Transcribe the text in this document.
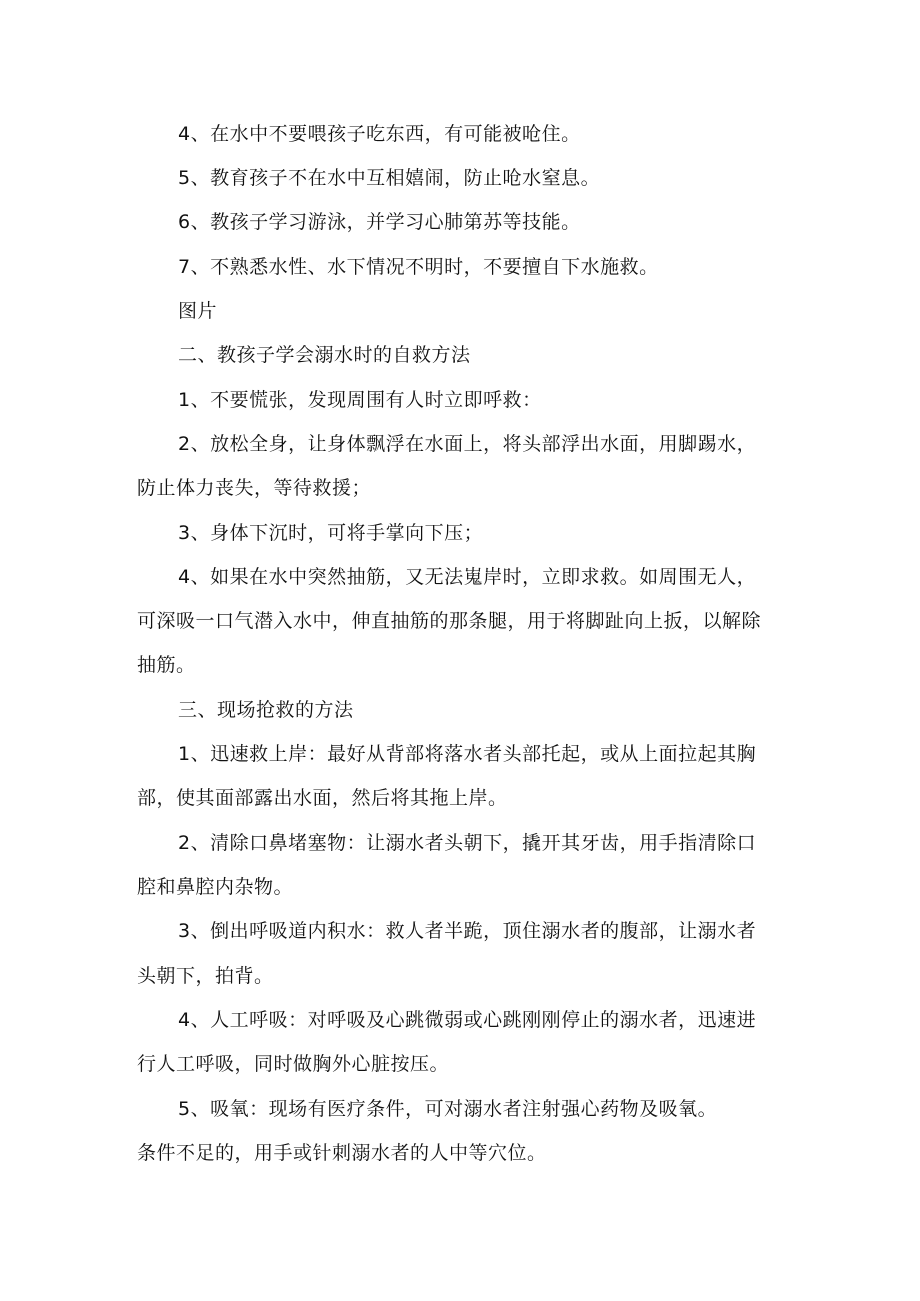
4、在水中不要喂孩子吃东西，有可能被呛住。
5、教育孩子不在水中互相嬉闹，防止呛水窒息。
6、教孩子学习游泳，并学习心肺第苏等技能。
7、不熟悉水性、水下情况不明时，不要擅自下水施救。
图片
二、教孩子学会溺水时的自救方法
1、不要慌张，发现周围有人时立即呼救：
2、放松全身，让身体飘浮在水面上，将头部浮出水面，用脚踢水，
防止体力丧失，等待救援；
3、身体下沉时，可将手掌向下压；
4、如果在水中突然抽筋，又无法嵬岸时，立即求救。如周围无人，
可深吸一口气潜入水中，伸直抽筋的那条腿，用于将脚趾向上扳，以解除
抽筋。
三、现场抢救的方法
1、迅速救上岸：最好从背部将落水者头部托起，或从上面拉起其胸
部，使其面部露出水面，然后将其拖上岸。
2、清除口鼻堵塞物：让溺水者头朝下，撬开其牙齿，用手指清除口
腔和鼻腔内杂物。
3、倒出呼吸道内积水：救人者半跪，顶住溺水者的腹部，让溺水者
头朝下，拍背。
4、人工呼吸：对呼吸及心跳微弱或心跳刚刚停止的溺水者，迅速进
行人工呼吸，同时做胸外心脏按压。
5、吸氧：现场有医疗条件，可对溺水者注射强心药物及吸氧。
条件不足的，用手或针刺溺水者的人中等穴位。
